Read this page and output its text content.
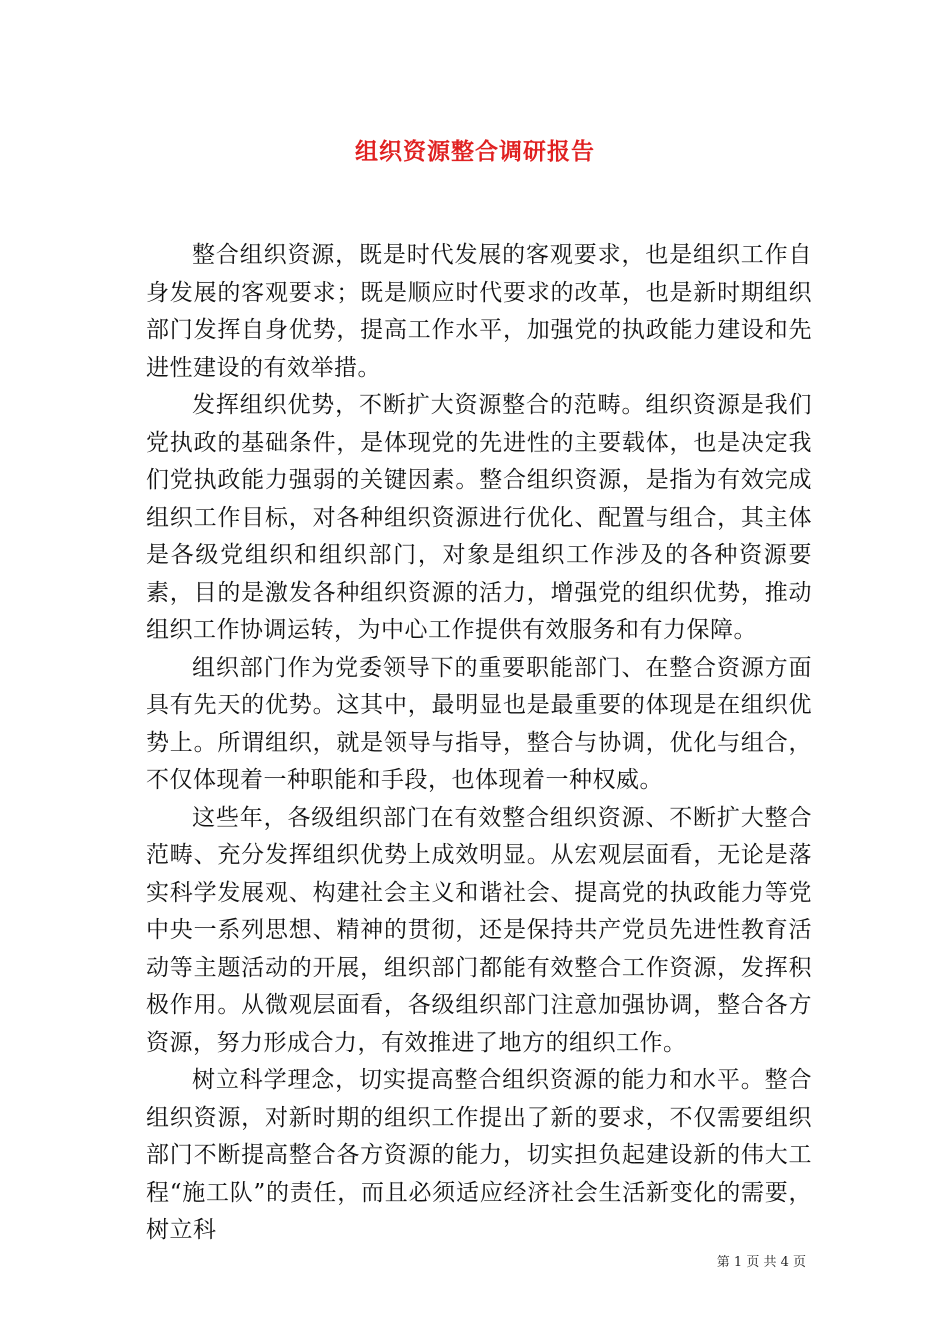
组织资源整合调研报告

整合组织资源，既是时代发展的客观要求，也是组织工作自身发展的客观要求；既是顺应时代要求的改革，也是新时期组织部门发挥自身优势，提高工作水平，加强党的执政能力建设和先进性建设的有效举措。

发挥组织优势，不断扩大资源整合的范畴。组织资源是我们党执政的基础条件，是体现党的先进性的主要载体，也是决定我们党执政能力强弱的关键因素。整合组织资源，是指为有效完成组织工作目标，对各种组织资源进行优化、配置与组合，其主体是各级党组织和组织部门，对象是组织工作涉及的各种资源要素，目的是激发各种组织资源的活力，增强党的组织优势，推动组织工作协调运转，为中心工作提供有效服务和有力保障。

组织部门作为党委领导下的重要职能部门、在整合资源方面具有先天的优势。这其中，最明显也是最重要的体现是在组织优势上。所谓组织，就是领导与指导，整合与协调，优化与组合，不仅体现着一种职能和手段，也体现着一种权威。

这些年，各级组织部门在有效整合组织资源、不断扩大整合范畴、充分发挥组织优势上成效明显。从宏观层面看，无论是落实科学发展观、构建社会主义和谐社会、提高党的执政能力等党中央一系列思想、精神的贯彻，还是保持共产党员先进性教育活动等主题活动的开展，组织部门都能有效整合工作资源，发挥积极作用。从微观层面看，各级组织部门注意加强协调，整合各方资源，努力形成合力，有效推进了地方的组织工作。

树立科学理念，切实提高整合组织资源的能力和水平。整合组织资源，对新时期的组织工作提出了新的要求，不仅需要组织部门不断提高整合各方资源的能力，切实担负起建设新的伟大工程“施工队”的责任，而且必须适应经济社会生活新变化的需要，树立科

第 1 页 共 4 页
